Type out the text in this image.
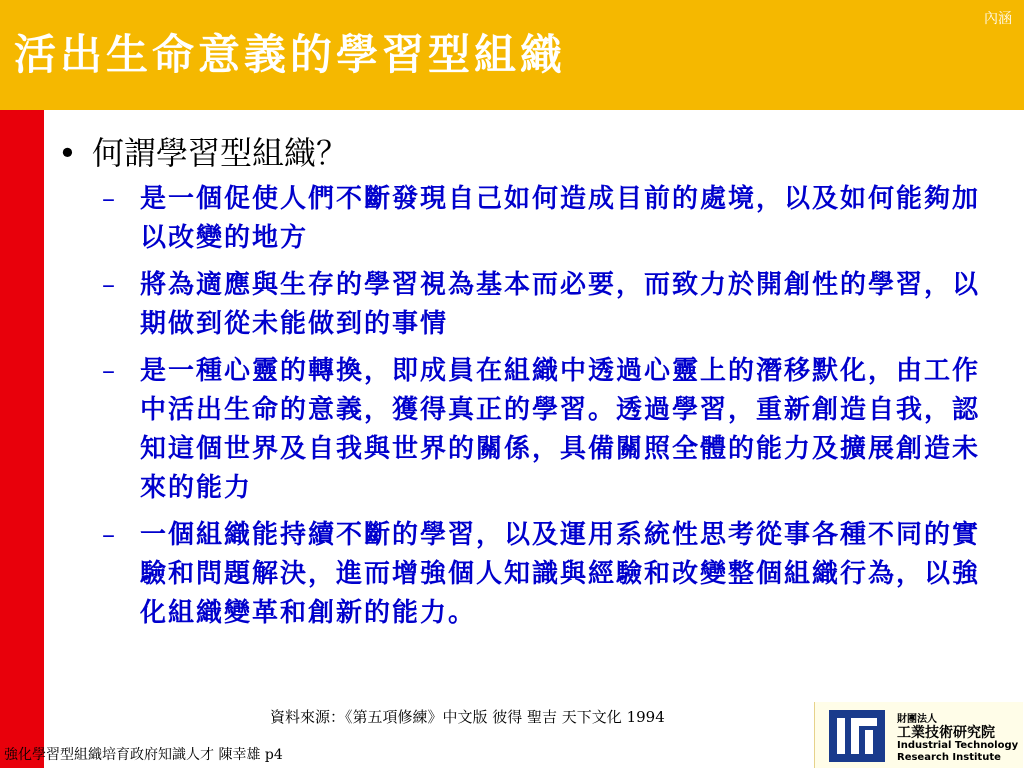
活出生命意義的學習型組織
內涵
• 何謂學習型組織？
– 是一個促使人們不斷發現自己如何造成目前的處境，以及如何能夠加以改變的地方
– 將為適應與生存的學習視為基本而必要，而致力於開創性的學習，以期做到從未能做到的事情
– 是一種心靈的轉換，即成員在組織中透過心靈上的潛移默化，由工作中活出生命的意義，獲得真正的學習。透過學習，重新創造自我，認知這個世界及自我與世界的關係，具備關照全體的能力及擴展創造未來的能力
– 一個組織能持續不斷的學習，以及運用系統性思考從事各種不同的實驗和問題解決，進而增強個人知識與經驗和改變整個組織行為，以強化組織變革和創新的能力。
資料來源：《第五項修練》中文版 彼得 聖吉 天下文化 1994
強化學習型組織培育政府知識人才 陳幸雄 p4
財團法人
工業技術研究院
Industrial Technology
Research Institute
